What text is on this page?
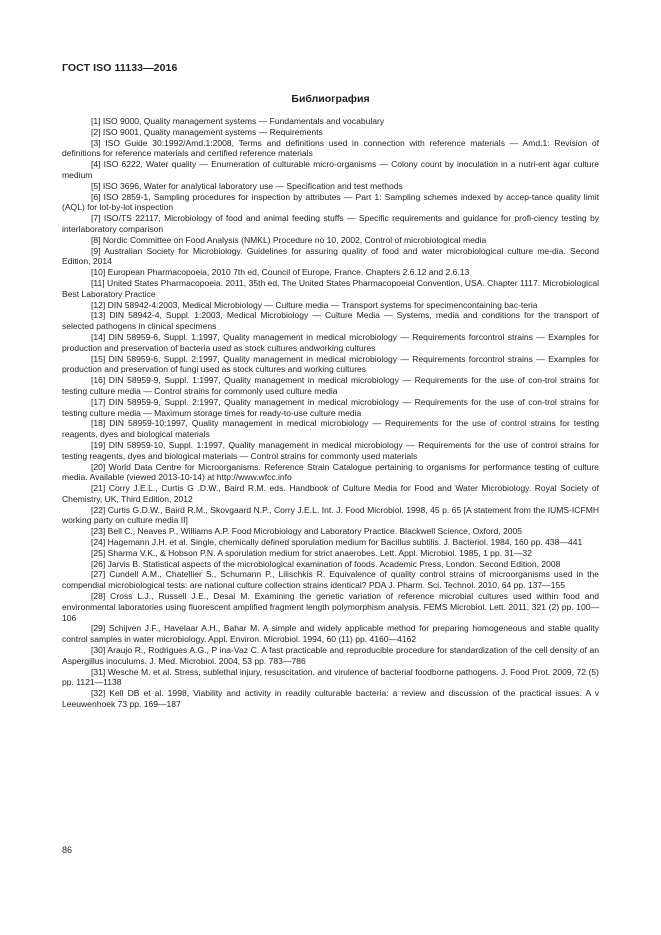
ГОСТ ISO 11133—2016
Библиография

[1] ISO 9000, Quality management systems — Fundamentals and vocabulary

[2] ISO 9001, Quality management systems — Requirements

[3] ISO Guide 30:1992/Amd.1:2008, Terms and definitions used in connection with reference materials — Amd.1: Revision of definitions for reference materials and certified reference materials

[4] ISO 6222, Water quality — Enumeration of culturable micro-organisms — Colony count by inoculation in a nutri-ent agar culture medium

[5] ISO 3696, Water for analytical laboratory use — Specification and test methods

[6] ISO 2859-1, Sampling procedures for inspection by attributes — Part 1: Sampling schemes indexed by accep-tance quality limit (AQL) for lot-by-lot inspection

[7] ISO/TS 22117, Microbiology of food and animal feeding stuffs — Specific requirements and guidance for profi-ciency testing by interlaboratory comparison

[8] Nordic Committee on Food Analysis (NMKL) Procedure no 10, 2002, Control of microbiological media

[9] Australian Society for Microbiology. Guidelines for assuring quality of food and water microbiological culture me-dia. Second Edition, 2014

[10] European Pharmacopoeia, 2010 7th ed, Council of Europe, France. Chapters 2.6.12 and 2.6.13

[11] United States Pharmacopoeia. 2011, 35th ed, The United States Pharmacopoeial Convention, USA. Chapter 1117. Microbiological Best Laboratory Practice

[12] DIN 58942-4:2003, Medical Microbiology — Culture media — Transport systems for specimencontaining bac-teria

[13] DIN 58942-4, Suppl. 1:2003, Medical Microbiology — Culture Media — Systems, media and conditions for the transport of selected pathogens in clinical specimens

[14] DIN 58959-6, Suppl. 1:1997, Quality management in medical microbiology — Requirements forcontrol strains — Examples for production and preservation of bacteria used as stock cultures andworking cultures

[15] DIN 58959-6, Suppl. 2:1997, Quality management in medical microbiology — Requirements forcontrol strains — Examples for production and preservation of fungi used as stock cultures and working cultures

[16] DIN 58959-9, Suppl. 1:1997, Quality management in medical microbiology — Requirements for the use of con-trol strains for testing culture media — Control strains for commonly used culture media

[17] DIN 58959-9, Suppl. 2:1997, Quality management in medical microbiology — Requirements for the use of con-trol strains for testing culture media — Maximum storage times for ready-to-use culture media

[18] DIN 58959-10:1997, Quality management in medical microbiology — Requirements for the use of control strains for testing reagents, dyes and biological materials

[19] DIN 58959-10, Suppl. 1:1997, Quality management in medical microbiology — Requirements for the use of control strains for testing reagents, dyes and biological materials — Control strains for commonly used materials

[20] World Data Centre for Microorganisms. Reference Strain Catalogue pertaining to organisms for performance testing of culture media. Available (viewed 2013-10-14) at http://www.wfcc.info

[21] Corry J.E.L., Curtis G .D.W., Baird R.M. eds. Handbook of Culture Media for Food and Water Microbiology. Royal Society of Chemistry, UK, Third Edition, 2012

[22] Curtis G.D.W., Baird R.M., Skovgaard N.P., Corry J.E.L. Int. J. Food Microbiol. 1998, 45 p. 65 [A statement from the IUMS-ICFMH working party on culture media II]

[23] Bell C., Neaves P., Williams A.P. Food Microbiology and Laboratory Practice. Blackwell Science, Oxford, 2005

[24] Hagemann J.H. et al. Single, chemically defined sporulation medium for Bacillus subtilis. J. Bacteriol. 1984, 160 pp. 438—441

[25] Sharma V.K., & Hobson P.N. A sporulation medium for strict anaerobes. Lett. Appl. Microbiol. 1985, 1 pp. 31—32

[26] Jarvis B. Statistical aspects of the microbiological examination of foods. Academic Press, London. Second Edition, 2008

[27] Cundell A.M., Chatellier S., Schumann P., Lilischkis R. Equivalence of quality control strains of microorganisms used in the compendial microbiological tests: are national culture collection strains identical? PDA J. Pharm. Sci. Technol. 2010, 64 pp. 137—155

[28] Cross L.J., Russell J.E., Desai M. Examining the genetic variation of reference microbial cultures used within food and environmental laboratories using fluorescent amplified fragment length polymorphism analysis. FEMS Microbiol. Lett. 2011, 321 (2) pp. 100—106

[29] Schijven J.F., Havelaar A.H., Bahar M. A simple and widely applicable method for preparing homogeneous and stable quality control samples in water microbiology. Appl. Environ. Microbiol. 1994, 60 (11) pp. 4160—4162

[30] Araujo R., Rodrigues A.G., P ina-Vaz C. A fast practicable and reproducible procedure for standardization of the cell density of an Aspergillus inoculums. J. Med. Microbiol. 2004, 53 pp. 783—786

[31] Wesche M. et al. Stress, sublethal injury, resuscitation, and virulence of bacterial foodborne pathogens. J. Food Prot. 2009, 72 (5) pp. 1121—1138

[32] Kell DB et al. 1998, Viability and activity in readily culturable bacteria: a review and discussion of the practical issues. A v Leeuwenhoek 73 pp. 169—187

86
